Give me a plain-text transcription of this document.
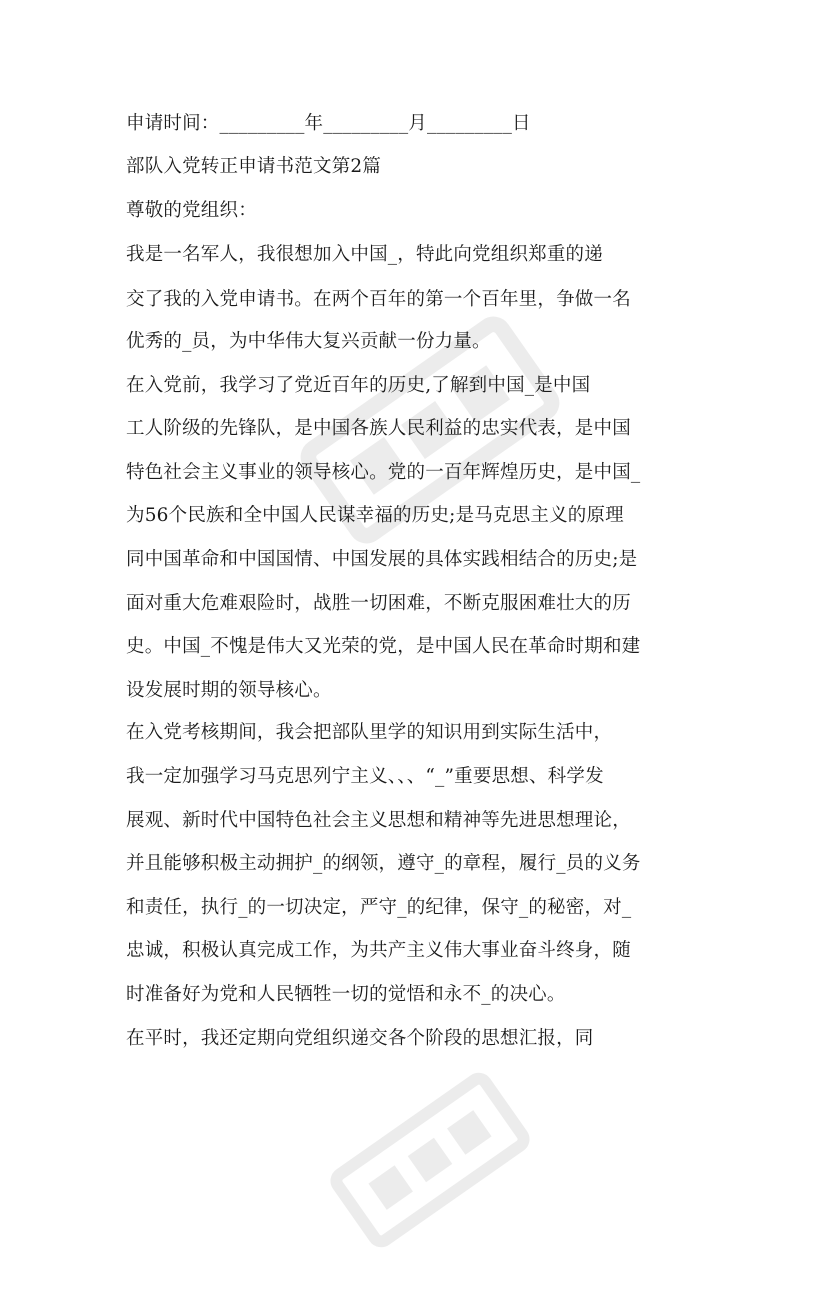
申请时间：_________年_________月_________日
部队入党转正申请书范文第2篇
尊敬的党组织：
我是一名军人，我很想加入中国_，特此向党组织郑重的递
交了我的入党申请书。在两个百年的第一个百年里，争做一名
优秀的_员，为中华伟大复兴贡献一份力量。
在入党前，我学习了党近百年的历史,了解到中国_是中国
工人阶级的先锋队，是中国各族人民利益的忠实代表，是中国
特色社会主义事业的领导核心。党的一百年辉煌历史，是中国_
为56个民族和全中国人民谋幸福的历史;是马克思主义的原理
同中国革命和中国国情、中国发展的具体实践相结合的历史;是
面对重大危难艰险时，战胜一切困难，不断克服困难壮大的历
史。中国_不愧是伟大又光荣的党，是中国人民在革命时期和建
设发展时期的领导核心。
在入党考核期间，我会把部队里学的知识用到实际生活中，
我一定加强学习马克思列宁主义、、、“_”重要思想、科学发
展观、新时代中国特色社会主义思想和精神等先进思想理论，
并且能够积极主动拥护_的纲领，遵守_的章程，履行_员的义务
和责任，执行_的一切决定，严守_的纪律，保守_的秘密，对_
忠诚，积极认真完成工作，为共产主义伟大事业奋斗终身，随
时准备好为党和人民牺牲一切的觉悟和永不_的决心。
在平时，我还定期向党组织递交各个阶段的思想汇报，同
